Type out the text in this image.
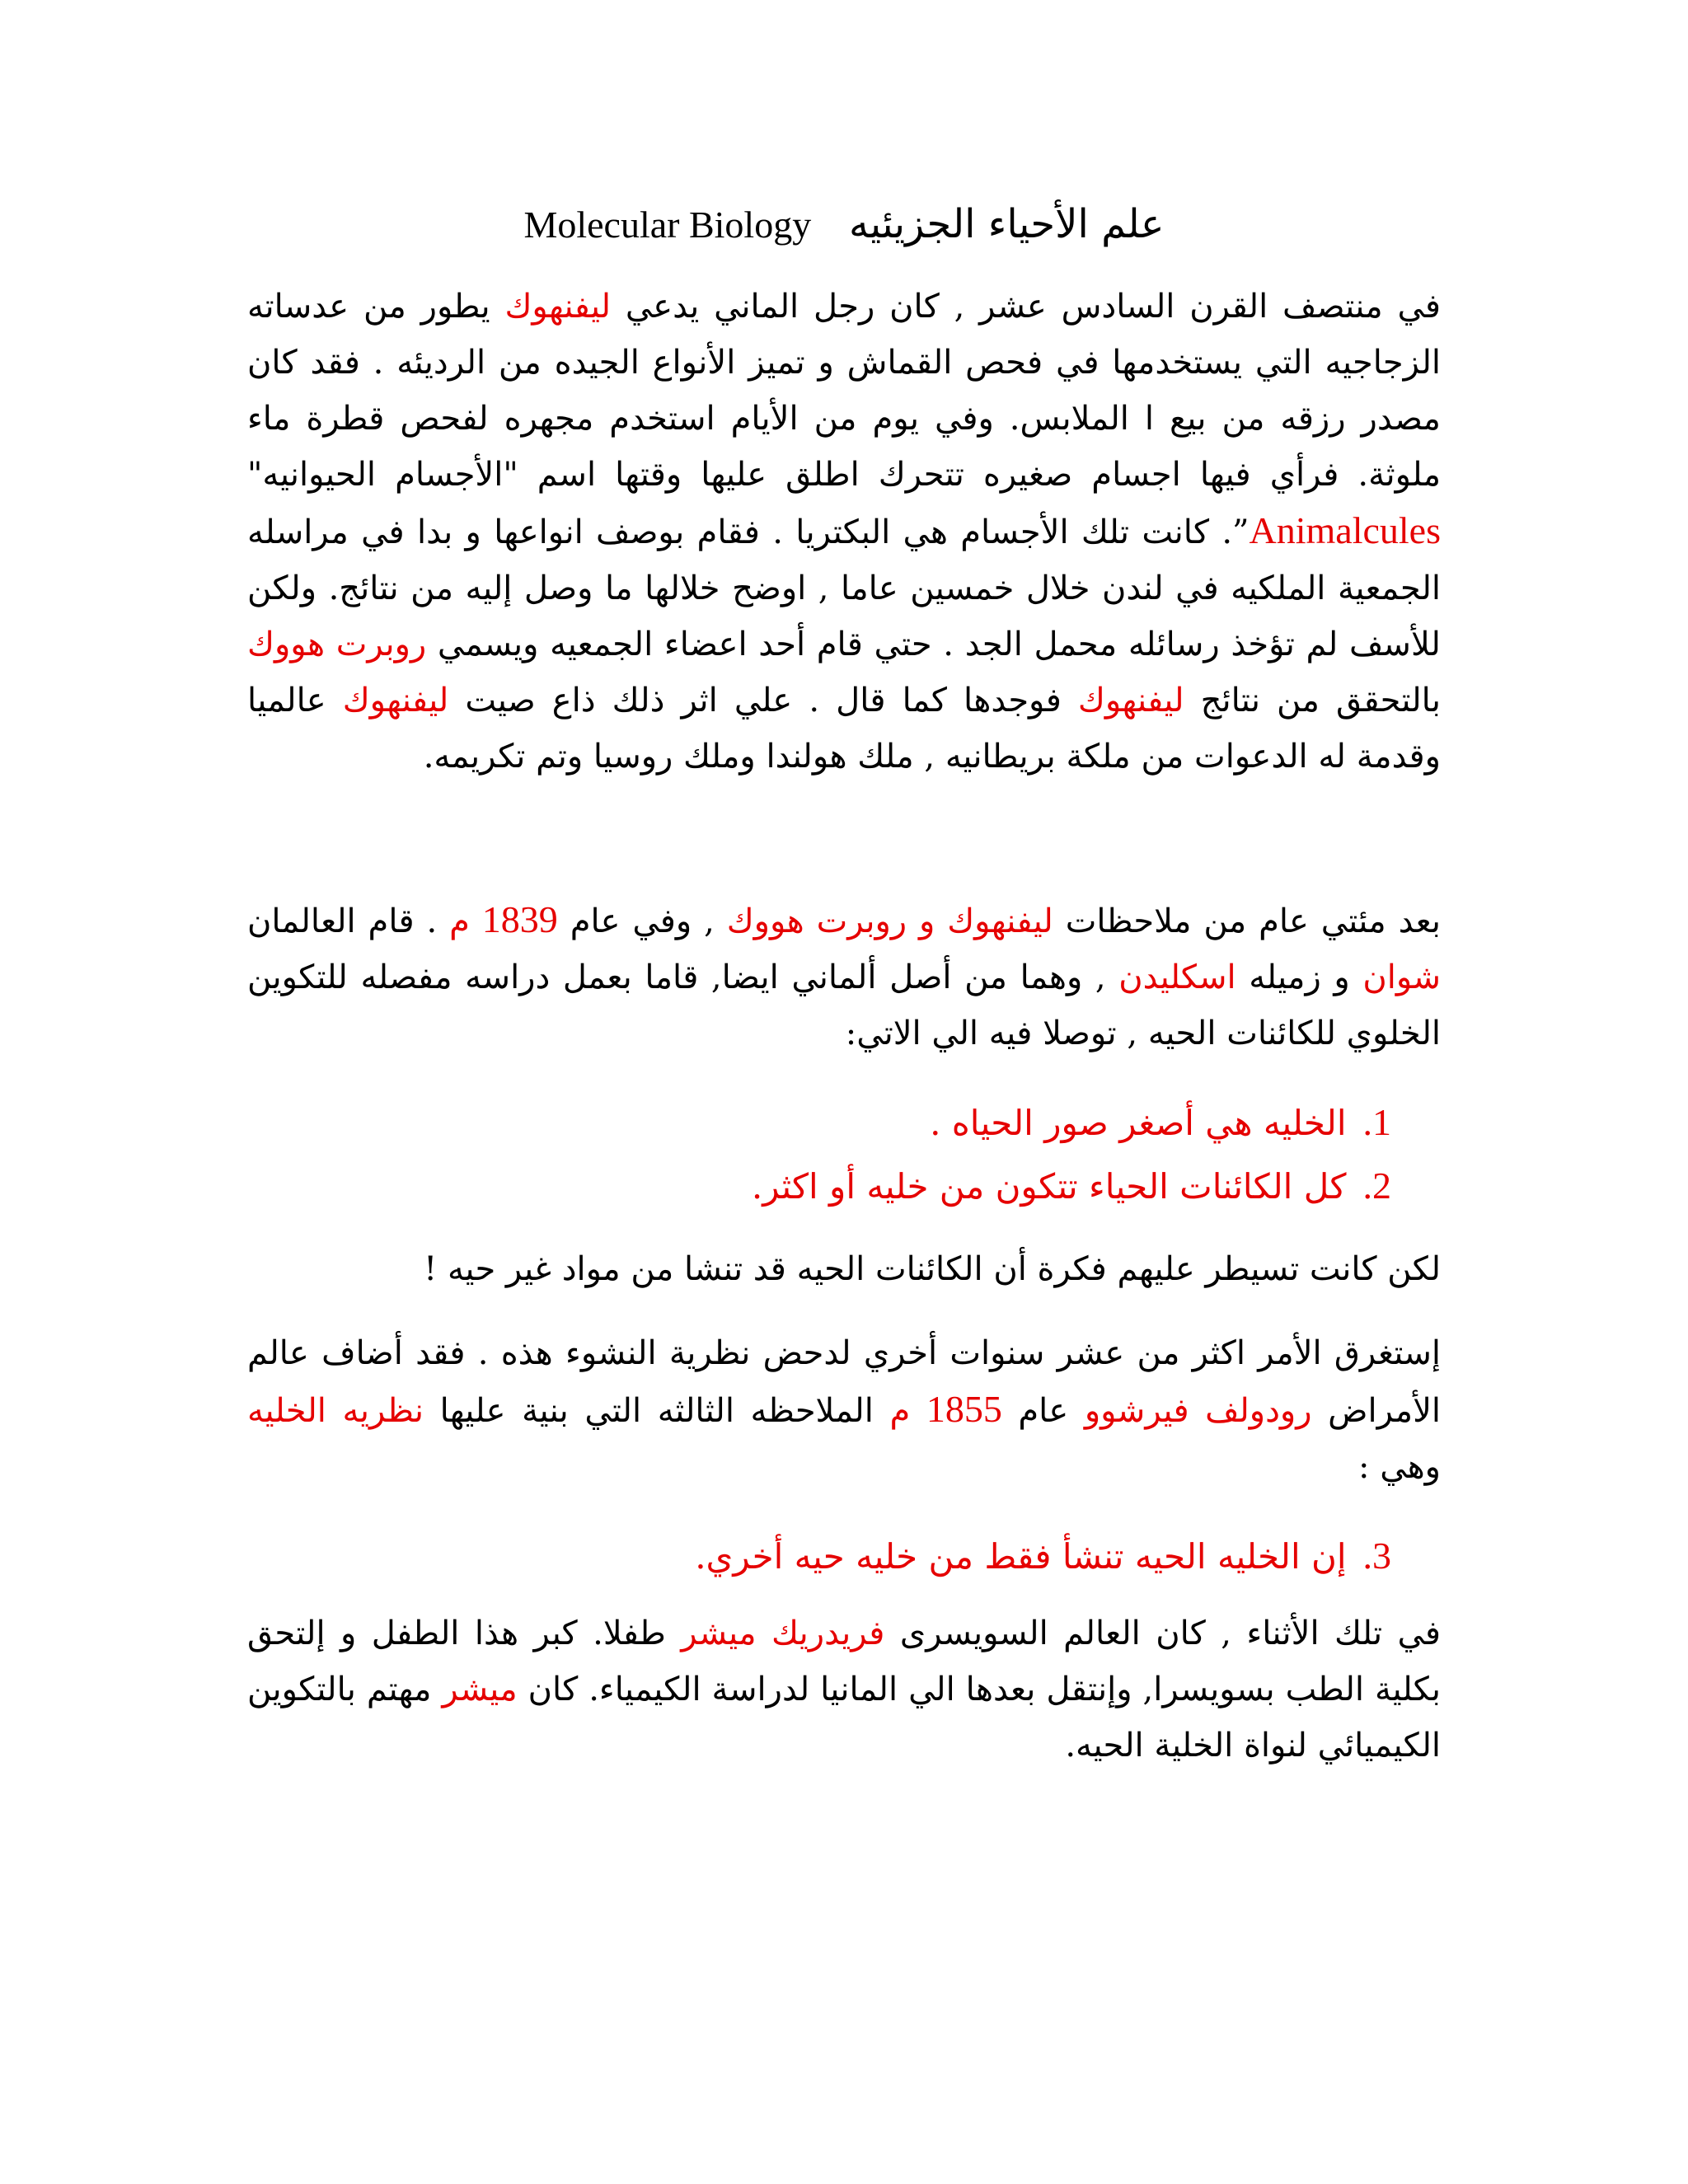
علم الأحياء الجزيئيه   Molecular Biology

في منتصف القرن السادس عشر , كان رجل الماني يدعي ليفنهوك يطور من عدساته الزجاجيه التي يستخدمها في فحص القماش و تميز الأنواع الجيده من الرديئه . فقد كان مصدر رزقه من بيع ا الملابس. وفي يوم من الأيام استخدم مجهره لفحص قطرة ماء ملوثة. فرأي فيها اجسام صغيره تتحرك اطلق عليها وقتها اسم "الأجسام الحيوانيه" Animalcules”. كانت تلك الأجسام هي البكتريا . فقام بوصف انواعها و بدا في مراسله الجمعية الملكيه في لندن خلال خمسين عاما , اوضح خلالها ما وصل إليه من نتائج. ولكن للأسف لم تؤخذ رسائله محمل الجد . حتي قام أحد اعضاء الجمعيه ويسمي روبرت هووك بالتحقق من نتائج ليفنهوك فوجدها كما قال . علي اثر ذلك ذاع صيت ليفنهوك عالميا وقدمة له الدعوات من ملكة بريطانيه , ملك هولندا وملك روسيا وتم تكريمه.

بعد مئتي عام من ملاحظات ليفنهوك و روبرت هووك , وفي عام 1839 م . قام العالمان شوان و زميله اسكليدن , وهما من أصل ألماني ايضا, قاما بعمل دراسه مفصله للتكوين الخلوي للكائنات الحيه , توصلا فيه الي الاتي:

1.الخليه هي أصغر صور الحياه .
2.كل الكائنات الحياء تتكون من خليه أو اكثر.

لكن كانت تسيطر عليهم فكرة أن الكائنات الحيه قد تنشا من مواد غير حيه !

إستغرق الأمر اكثر من عشر سنوات أخري لدحض نظرية النشوء هذه . فقد أضاف عالم الأمراض رودولف فيرشوو عام 1855 م الملاحظه الثالثه التي بنية عليها نظريه الخليه وهي :

3.إن الخليه الحيه تنشأ فقط من خليه حيه أخري.

في تلك الأثناء , كان العالم السويسرى فريدريك ميشر طفلا. كبر هذا الطفل و إلتحق بكلية الطب بسويسرا, وإنتقل بعدها الي المانيا لدراسة الكيمياء. كان ميشر مهتم بالتكوين الكيميائي لنواة الخلية الحيه.
